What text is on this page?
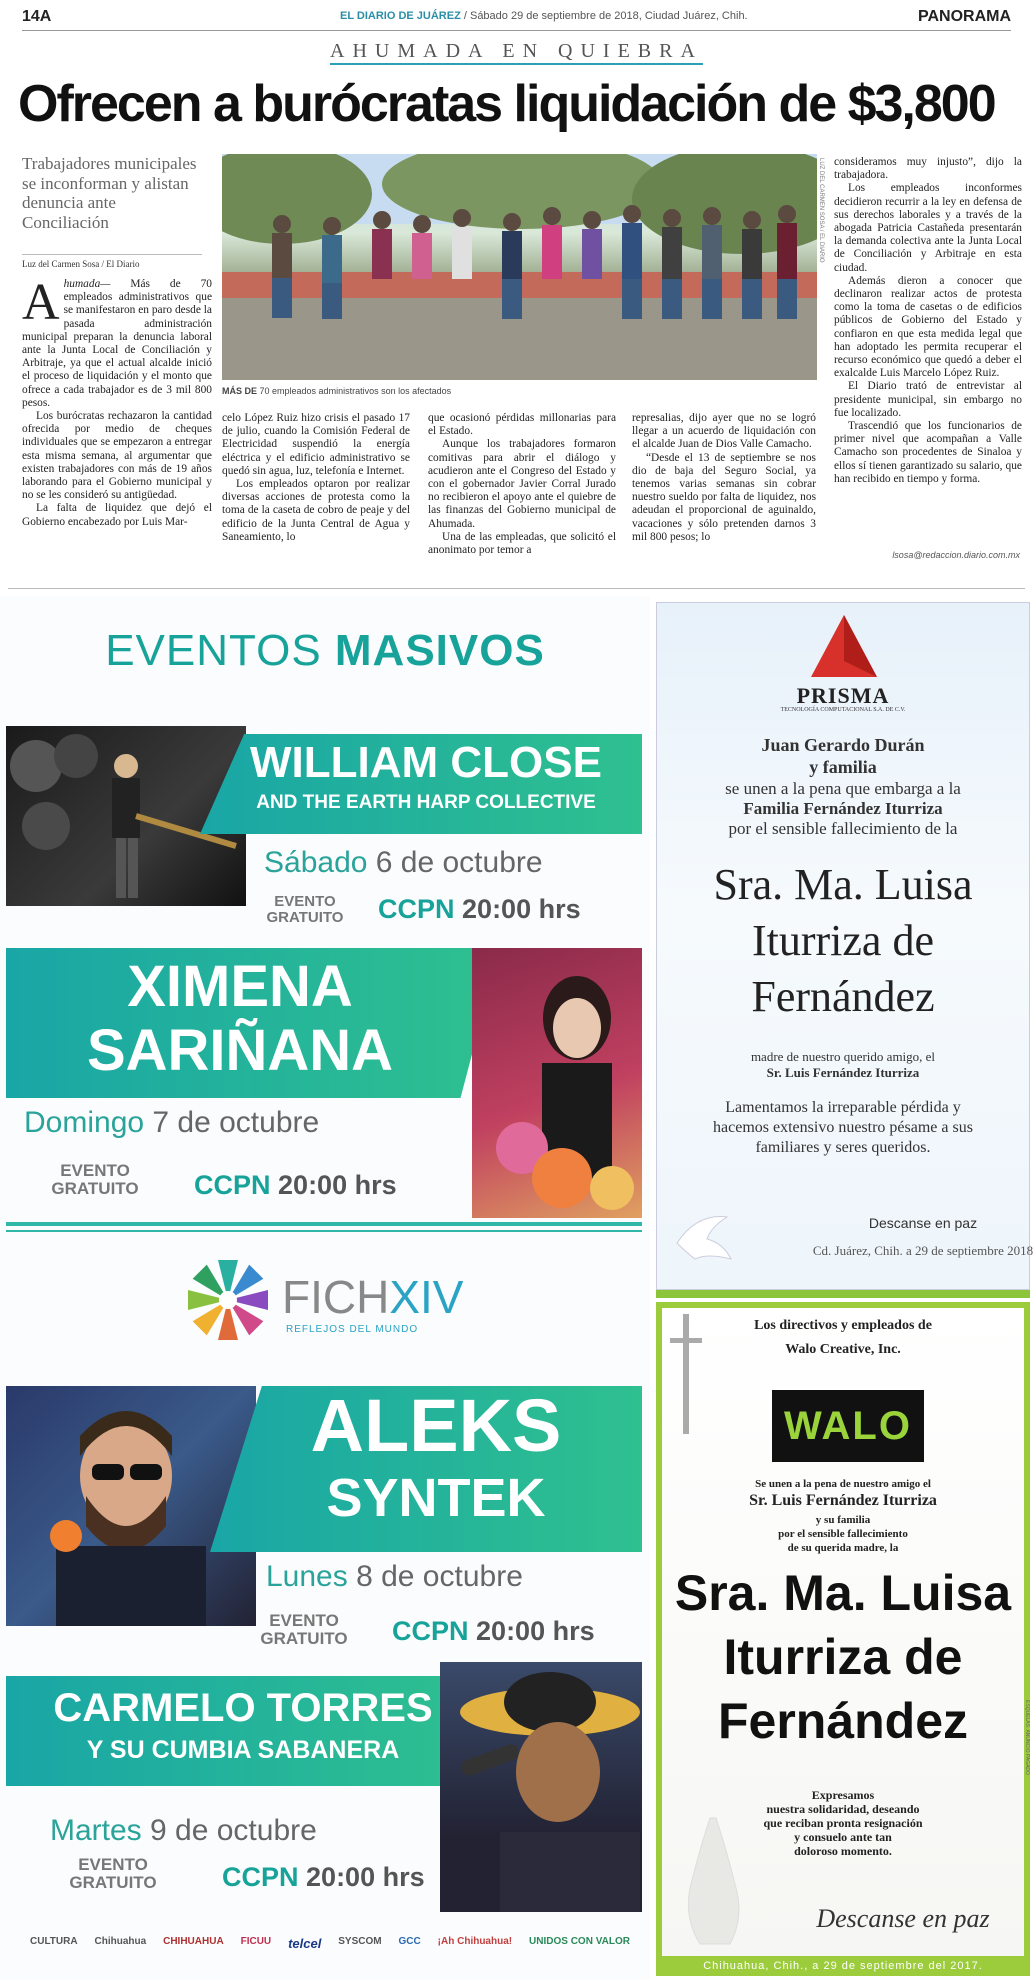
14A	EL DIARIO DE JUÁREZ / Sábado 29 de septiembre de 2018, Ciudad Juárez, Chih.	PANORAMA
AHUMADA EN QUIEBRA
Ofrecen a burócratas liquidación de $3,800
Trabajadores municipales se inconforman y alistan denuncia ante Conciliación
Luz del Carmen Sosa / El Diario
LUZ DEL CARMEN SOSA / EL DIARIO
MÁS DE 70 empleados administrativos son los afectados
Ahumada— Más de 70 empleados administrativos que se manifestaron en paro desde la pasada administración municipal preparan la denuncia laboral ante la Junta Local de Conciliación y Arbitraje, ya que el actual alcalde inició el proceso de liquidación y el monto que ofrece a cada trabajador es de 3 mil 800 pesos.

Los burócratas rechazaron la cantidad ofrecida por medio de cheques individuales que se empezaron a entregar esta misma semana, al argumentar que existen trabajadores con más de 19 años laborando para el Gobierno municipal y no se les consideró su antigüedad.

La falta de liquidez que dejó el Gobierno encabezado por Luis Mar-

celo López Ruiz hizo crisis el pasado 17 de julio, cuando la Comisión Federal de Electricidad suspendió la energía eléctrica y el edificio administrativo se quedó sin agua, luz, telefonía e Internet.

Los empleados optaron por realizar diversas acciones de protesta como la toma de la caseta de cobro de peaje y del edificio de la Junta Central de Agua y Saneamiento, lo

que ocasionó pérdidas millonarias para el Estado.

Aunque los trabajadores formaron comitivas para abrir el diálogo y acudieron ante el Congreso del Estado y con el gobernador Javier Corral Jurado no recibieron el apoyo ante el quiebre de las finanzas del Gobierno municipal de Ahumada.

Una de las empleadas, que solicitó el anonimato por temor a

represalias, dijo ayer que no se logró llegar a un acuerdo de liquidación con el alcalde Juan de Dios Valle Camacho.

“Desde el 13 de septiembre se nos dio de baja del Seguro Social, ya tenemos varias semanas sin cobrar nuestro sueldo por falta de liquidez, nos adeudan el proporcional de aguinaldo, vacaciones y sólo pretenden darnos 3 mil 800 pesos; lo

consideramos muy injusto”, dijo la trabajadora.

Los empleados inconformes decidieron recurrir a la ley en defensa de sus derechos laborales y a través de la abogada Patricia Castañeda presentarán la demanda colectiva ante la Junta Local de Conciliación y Arbitraje en esta ciudad.

Además dieron a conocer que declinaron realizar actos de protesta como la toma de casetas o de edificios públicos de Gobierno del Estado y confiaron en que esta medida legal que han adoptado les permita recuperar el recurso económico que quedó a deber el exalcalde Luis Marcelo López Ruiz.

El Diario trató de entrevistar al presidente municipal, sin embargo no fue localizado.

Trascendió que los funcionarios de primer nivel que acompañan a Valle Camacho son procedentes de Sinaloa y ellos sí tienen garantizado su salario, que han recibido en tiempo y forma.

lsosa@redaccion.diario.com.mx
EVENTOS MASIVOS
WILLIAM CLOSE
AND THE EARTH HARP COLLECTIVE
Sábado 6 de octubre
EVENTO
GRATUITO CCPN 20:00 hrs
XIMENA
SARIÑANA
Domingo 7 de octubre
EVENTO
GRATUITO	CCPN 20:00 hrs
FICHXIV
REFLEJOS DEL MUNDO
ALEKS
SYNTEK
Lunes 8 de octubre
EVENTO
GRATUITO	CCPN 20:00 hrs
CARMELO TORRES
Y SU CUMBIA SABANERA
Martes 9 de octubre
EVENTO
GRATUITO	CCPN 20:00 hrs
CULTURA Chihuahua CHIHUAHUA FICUU telcel SYSCOM GCC ¡Ah Chihuahua! UNIDOS CON VALOR
PRISMA
TECNOLOGÍA COMPUTACIONAL S.A. DE C.V.
Juan Gerardo Durán
y familia
se unen a la pena que embarga a la
Familia Fernández Iturriza
por el sensible fallecimiento de la
Sra. Ma. Luisa
Iturriza de
Fernández
madre de nuestro querido amigo, el
Sr. Luis Fernández Iturriza
Lamentamos la irreparable pérdida y
hacemos extensivo nuestro pésame a sus
familiares y seres queridos.
Descanse en paz
Cd. Juárez, Chih. a 29 de septiembre 2018
Los directivos y empleados de
Walo Creative, Inc.
WALO
Se unen a la pena de nuestro amigo el
Sr. Luis Fernández Iturriza
y su familia
por el sensible fallecimiento
de su querida madre, la
Sra. Ma. Luisa
Iturriza de
Fernández
Expresamos
nuestra solidaridad, deseando
que reciban pronta resignación
y consuelo ante tan
doloroso momento.
Descanse en paz
Chihuahua, Chih., a 29 de septiembre del 2017.
ESQUELAS: ANUNCIO PAGADO
